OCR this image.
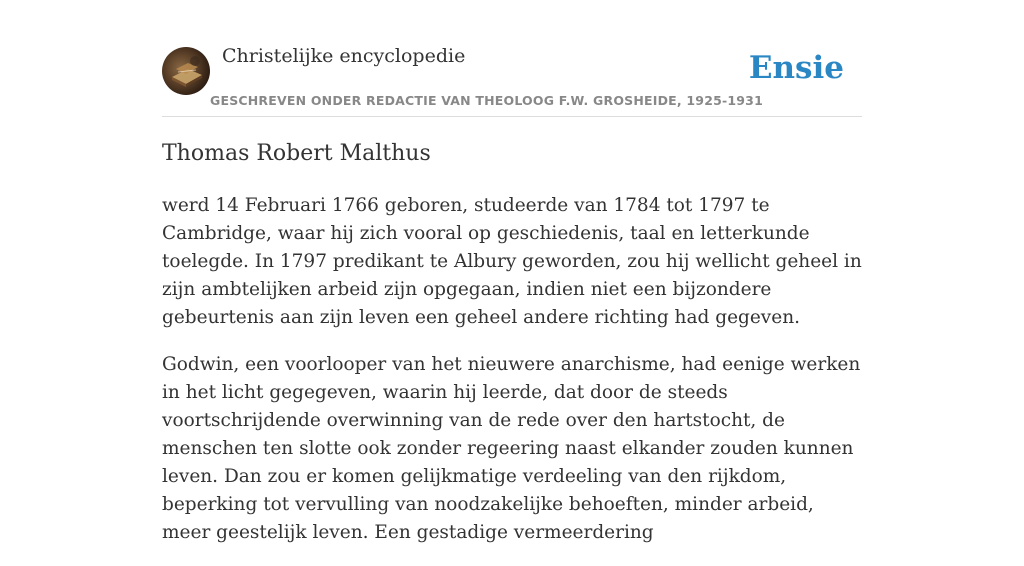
Christelijke encyclopedie
GESCHREVEN ONDER REDACTIE VAN THEOLOOG F.W. GROSHEIDE, 1925-1931
Ensie
Thomas Robert Malthus

werd 14 Februari 1766 geboren, studeerde van 1784 tot 1797 te Cambridge, waar hij zich vooral op geschiedenis, taal en letterkunde toelegde. In 1797 predikant te Albury geworden, zou hij wellicht geheel in zijn ambtelijken arbeid zijn opgegaan, indien niet een bijzondere gebeurtenis aan zijn leven een geheel andere richting had gegeven.

Godwin, een voorlooper van het nieuwere anarchisme, had eenige werken in het licht gegegeven, waarin hij leerde, dat door de steeds voortschrijdende overwinning van de rede over den hartstocht, de menschen ten slotte ook zonder regeering naast elkander zouden kunnen leven. Dan zou er komen gelijkmatige verdeeling van den rijkdom, beperking tot vervulling van noodzakelijke behoeften, minder arbeid, meer geestelijk leven. Een gestadige vermeerdering
